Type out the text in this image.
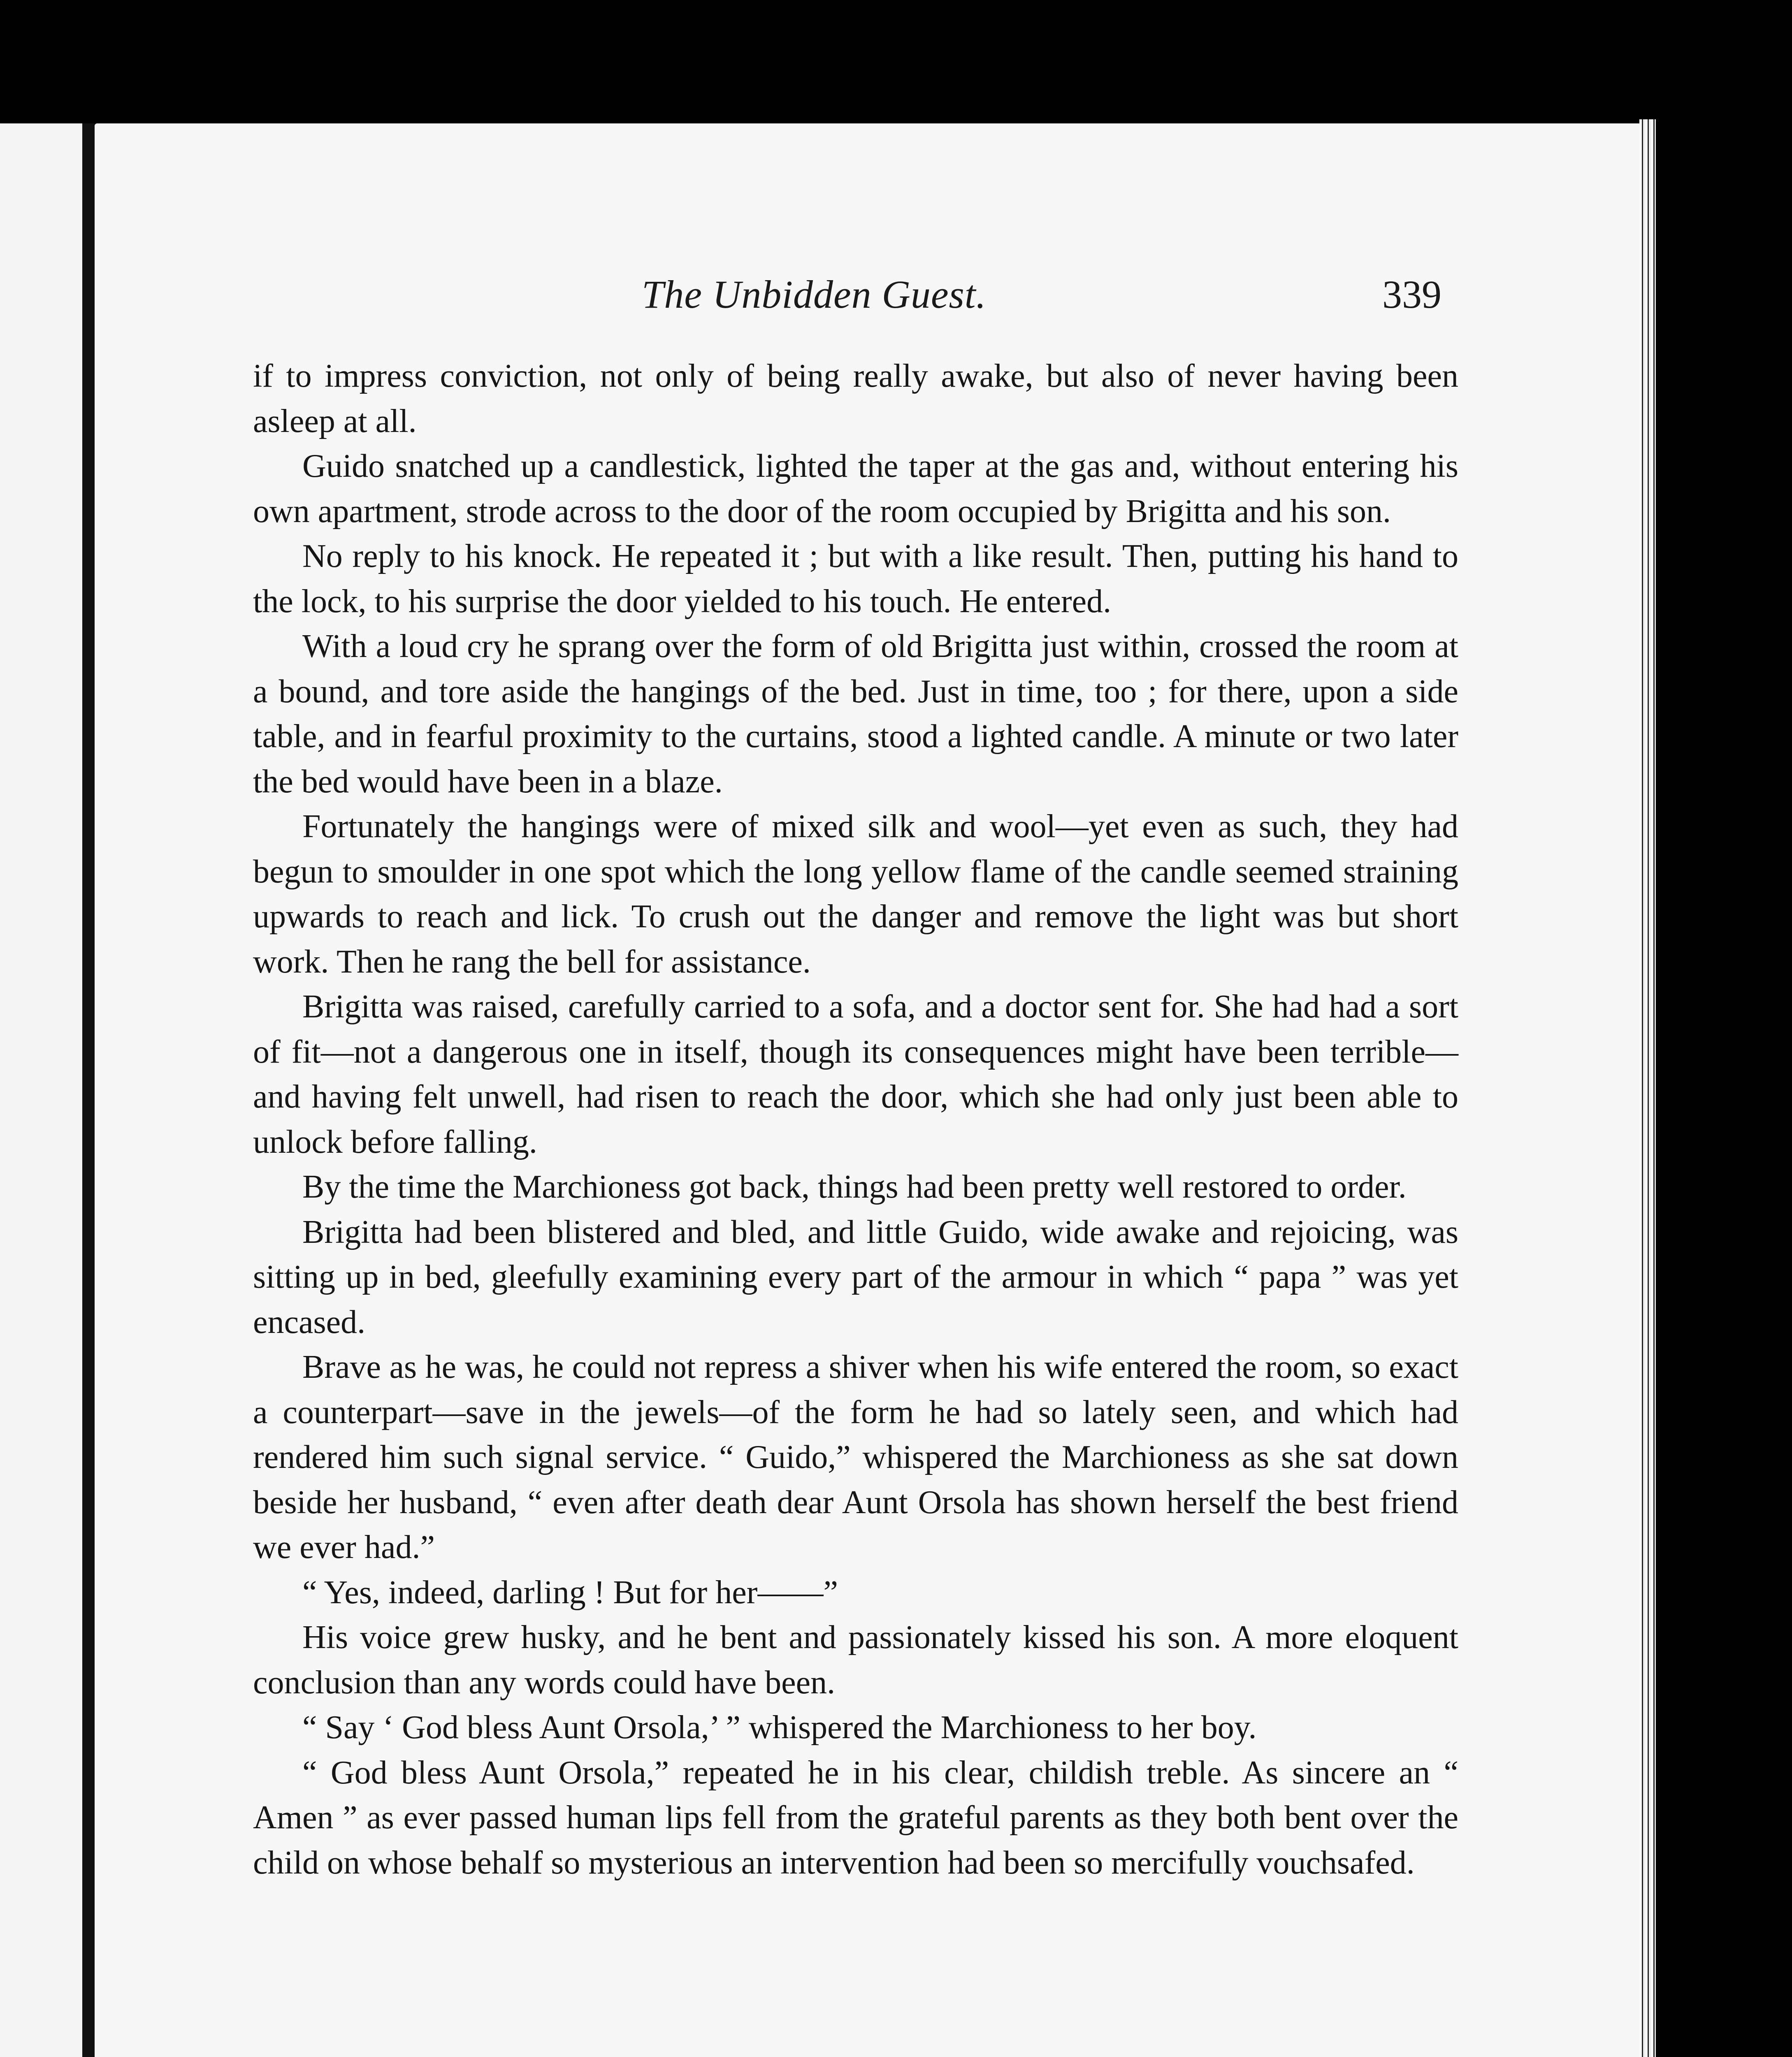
The Unbidden Guest.	339

if to impress conviction, not only of being really awake, but also of never having been asleep at all.

Guido snatched up a candlestick, lighted the taper at the gas and, without entering his own apartment, strode across to the door of the room occupied by Brigitta and his son.

No reply to his knock. He repeated it ; but with a like result. Then, putting his hand to the lock, to his surprise the door yielded to his touch. He entered.

With a loud cry he sprang over the form of old Brigitta just within, crossed the room at a bound, and tore aside the hangings of the bed. Just in time, too ; for there, upon a side table, and in fearful proximity to the curtains, stood a lighted candle. A minute or two later the bed would have been in a blaze.

Fortunately the hangings were of mixed silk and wool—yet even as such, they had begun to smoulder in one spot which the long yellow flame of the candle seemed straining upwards to reach and lick. To crush out the danger and remove the light was but short work. Then he rang the bell for assistance.

Brigitta was raised, carefully carried to a sofa, and a doctor sent for. She had had a sort of fit—not a dangerous one in itself, though its consequences might have been terrible—and having felt unwell, had risen to reach the door, which she had only just been able to unlock before falling.

By the time the Marchioness got back, things had been pretty well restored to order.

Brigitta had been blistered and bled, and little Guido, wide awake and rejoicing, was sitting up in bed, gleefully examining every part of the armour in which “ papa ” was yet encased.

Brave as he was, he could not repress a shiver when his wife entered the room, so exact a counterpart—save in the jewels—of the form he had so lately seen, and which had rendered him such signal service. “ Guido,” whispered the Marchioness as she sat down beside her husband, “ even after death dear Aunt Orsola has shown herself the best friend we ever had.”

“ Yes, indeed, darling ! But for her——”

His voice grew husky, and he bent and passionately kissed his son. A more eloquent conclusion than any words could have been.

“ Say ‘ God bless Aunt Orsola,’ ” whispered the Marchioness to her boy.

“ God bless Aunt Orsola,” repeated he in his clear, childish treble. As sincere an “ Amen ” as ever passed human lips fell from the grateful parents as they both bent over the child on whose behalf so mysterious an intervention had been so mercifully vouchsafed.
